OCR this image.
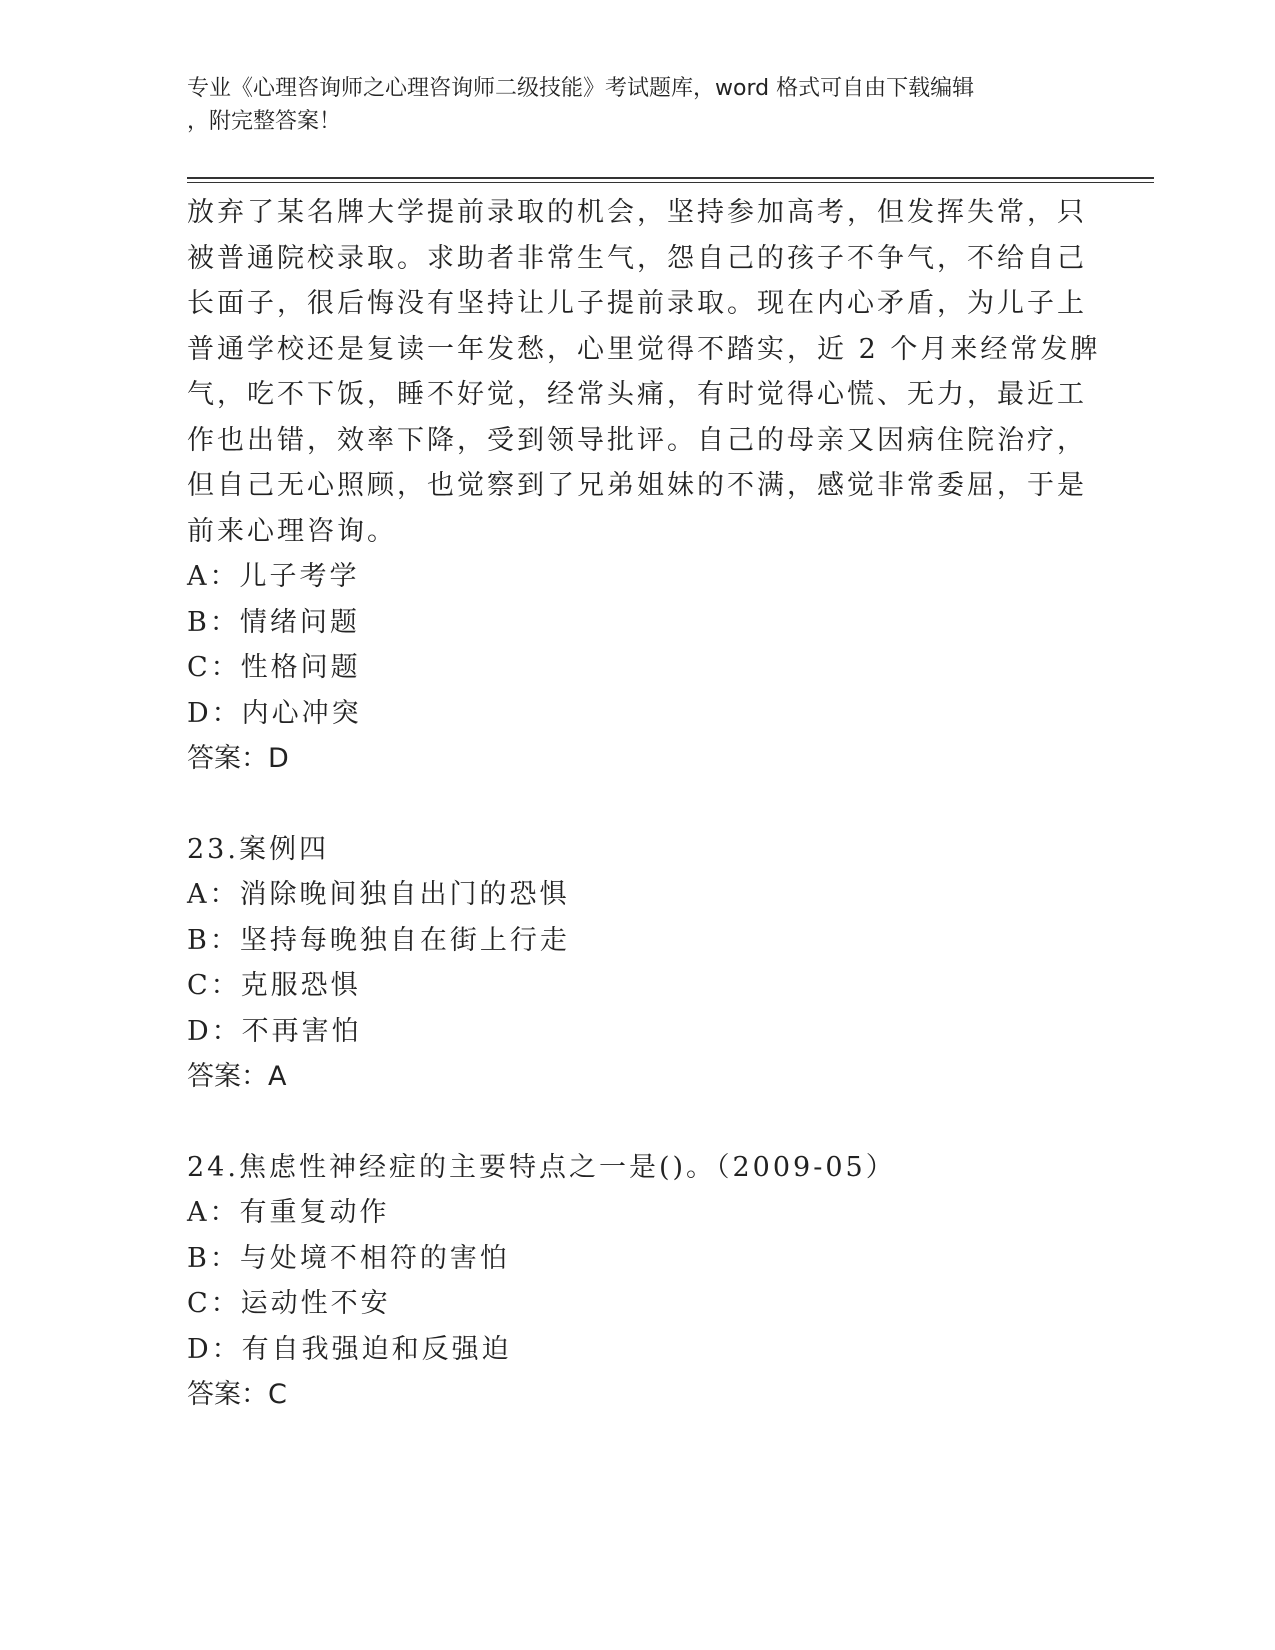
专业《心理咨询师之心理咨询师二级技能》考试题库，word 格式可自由下载编辑
，附完整答案！

放弃了某名牌大学提前录取的机会，坚持参加高考，但发挥失常，只
被普通院校录取。求助者非常生气，怨自己的孩子不争气，不给自己
长面子，很后悔没有坚持让儿子提前录取。现在内心矛盾，为儿子上
普通学校还是复读一年发愁，心里觉得不踏实，近 2 个月来经常发脾
气，吃不下饭，睡不好觉，经常头痛，有时觉得心慌、无力，最近工
作也出错，效率下降，受到领导批评。自己的母亲又因病住院治疗，
但自己无心照顾，也觉察到了兄弟姐妹的不满，感觉非常委屈，于是
前来心理咨询。

A：儿子考学
B：情绪问题
C：性格问题
D：内心冲突
答案：D
23.案例四
A：消除晚间独自出门的恐惧
B：坚持每晚独自在街上行走
C：克服恐惧
D：不再害怕
答案：A
24.焦虑性神经症的主要特点之一是()。（2009-05）
A：有重复动作
B：与处境不相符的害怕
C：运动性不安
D：有自我强迫和反强迫
答案：C
